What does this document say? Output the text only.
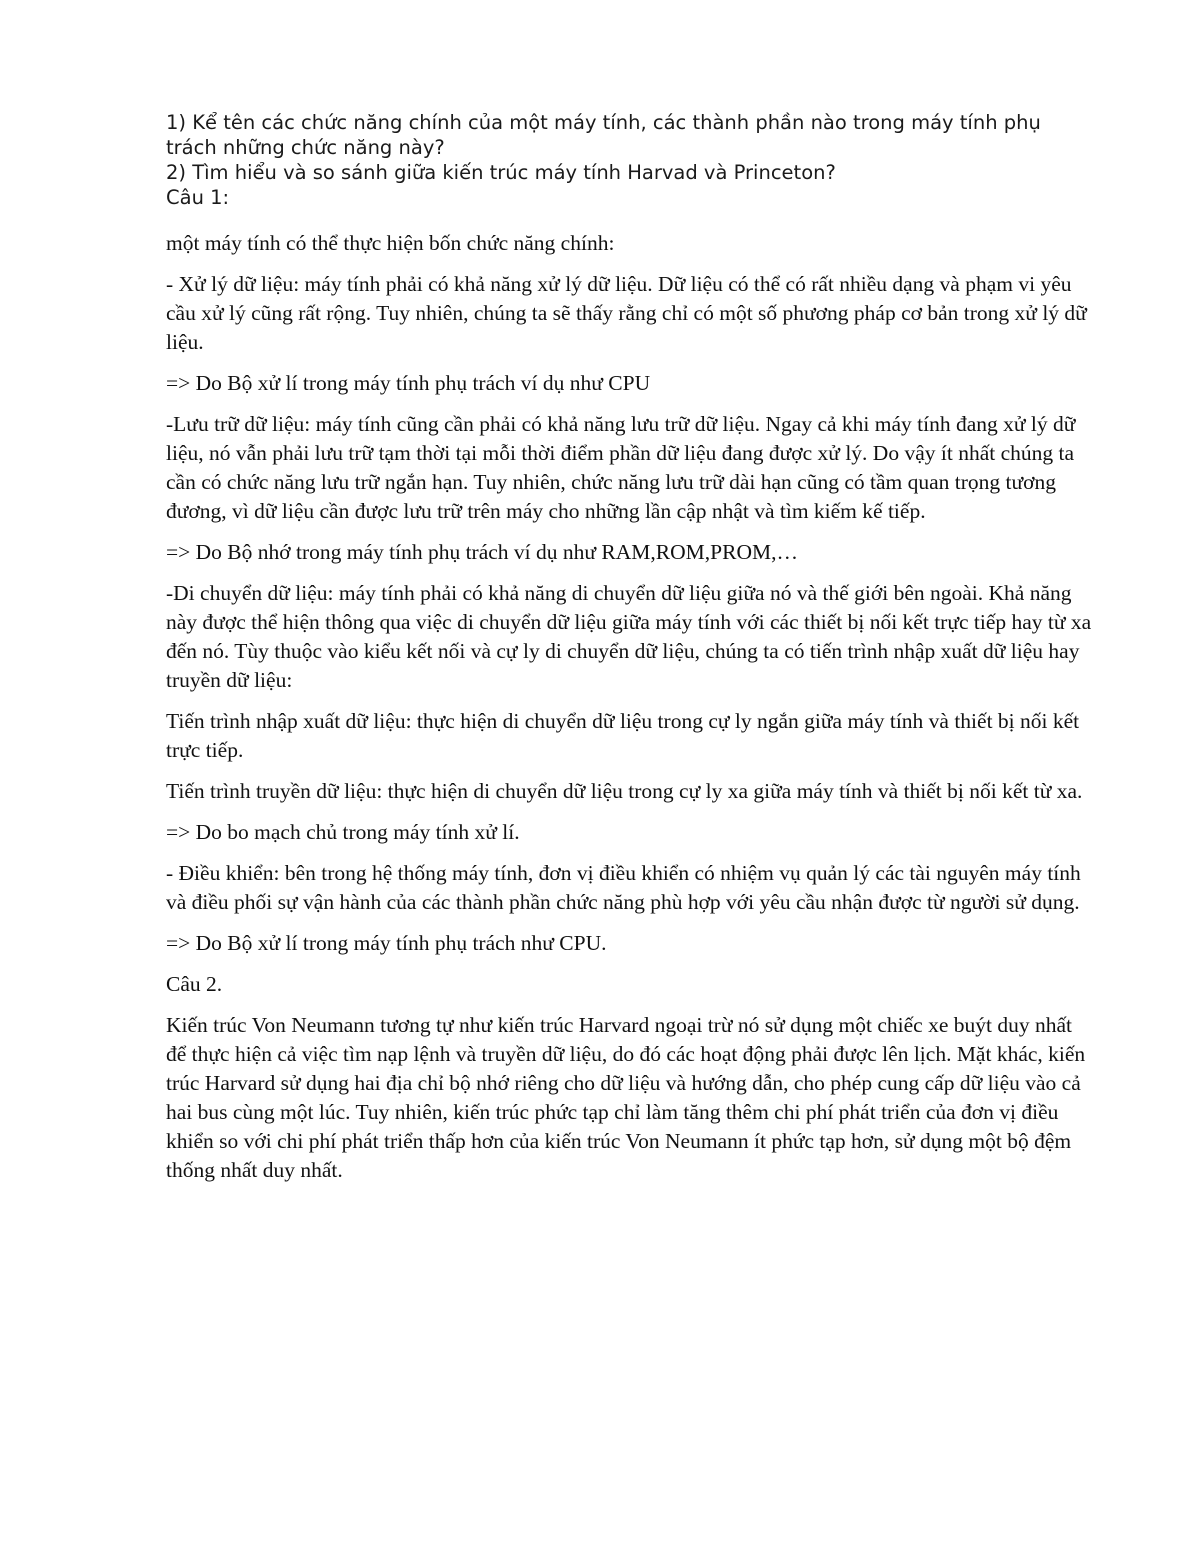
1) Kể tên các chức năng chính của một máy tính, các thành phần nào trong máy tính phụ trách những chức năng này?

2) Tìm hiểu và so sánh giữa kiến trúc máy tính Harvad và Princeton?

Câu 1:

một máy tính có thể thực hiện bốn chức năng chính:

- Xử lý dữ liệu: máy tính phải có khả năng xử lý dữ liệu. Dữ liệu có thể có rất nhiều dạng và phạm vi yêu cầu xử lý cũng rất rộng. Tuy nhiên, chúng ta sẽ thấy rằng chỉ có một số phương pháp cơ bản trong xử lý dữ liệu.

=> Do Bộ xử lí trong máy tính phụ trách ví dụ như CPU

-Lưu trữ dữ liệu: máy tính cũng cần phải có khả năng lưu trữ dữ liệu. Ngay cả khi máy tính đang xử lý dữ liệu, nó vẫn phải lưu trữ tạm thời tại mỗi thời điểm phần dữ liệu đang được xử lý. Do vậy ít nhất chúng ta cần có chức năng lưu trữ ngắn hạn. Tuy nhiên, chức năng lưu trữ dài hạn cũng có tầm quan trọng tương đương, vì dữ liệu cần được lưu trữ trên máy cho những lần cập nhật và tìm kiếm kế tiếp.

=> Do Bộ nhớ trong máy tính phụ trách ví dụ như RAM,ROM,PROM,…

-Di chuyển dữ liệu: máy tính phải có khả năng di chuyển dữ liệu giữa nó và thế giới bên ngoài. Khả năng này được thể hiện thông qua việc di chuyển dữ liệu giữa máy tính với các thiết bị nối kết trực tiếp hay từ xa đến nó. Tùy thuộc vào kiểu kết nối và cự ly di chuyển dữ liệu, chúng ta có tiến trình nhập xuất dữ liệu hay truyền dữ liệu:

Tiến trình nhập xuất dữ liệu: thực hiện di chuyển dữ liệu trong cự ly ngắn giữa máy tính và thiết bị nối kết trực tiếp.

Tiến trình truyền dữ liệu: thực hiện di chuyển dữ liệu trong cự ly xa giữa máy tính và thiết bị nối kết từ xa.

=> Do bo mạch chủ trong máy tính xử lí.

- Điều khiển: bên trong hệ thống máy tính, đơn vị điều khiển có nhiệm vụ quản lý các tài nguyên máy tính và điều phối sự vận hành của các thành phần chức năng phù hợp với yêu cầu nhận được từ người sử dụng.

=> Do Bộ xử lí trong máy tính phụ trách như CPU.

Câu 2.

Kiến trúc Von Neumann tương tự như kiến trúc Harvard ngoại trừ nó sử dụng một chiếc xe buýt duy nhất để thực hiện cả việc tìm nạp lệnh và truyền dữ liệu, do đó các hoạt động phải được lên lịch. Mặt khác, kiến trúc Harvard sử dụng hai địa chỉ bộ nhớ riêng cho dữ liệu và hướng dẫn, cho phép cung cấp dữ liệu vào cả hai bus cùng một lúc. Tuy nhiên, kiến trúc phức tạp chỉ làm tăng thêm chi phí phát triển của đơn vị điều khiển so với chi phí phát triển thấp hơn của kiến trúc Von Neumann ít phức tạp hơn, sử dụng một bộ đệm thống nhất duy nhất.
